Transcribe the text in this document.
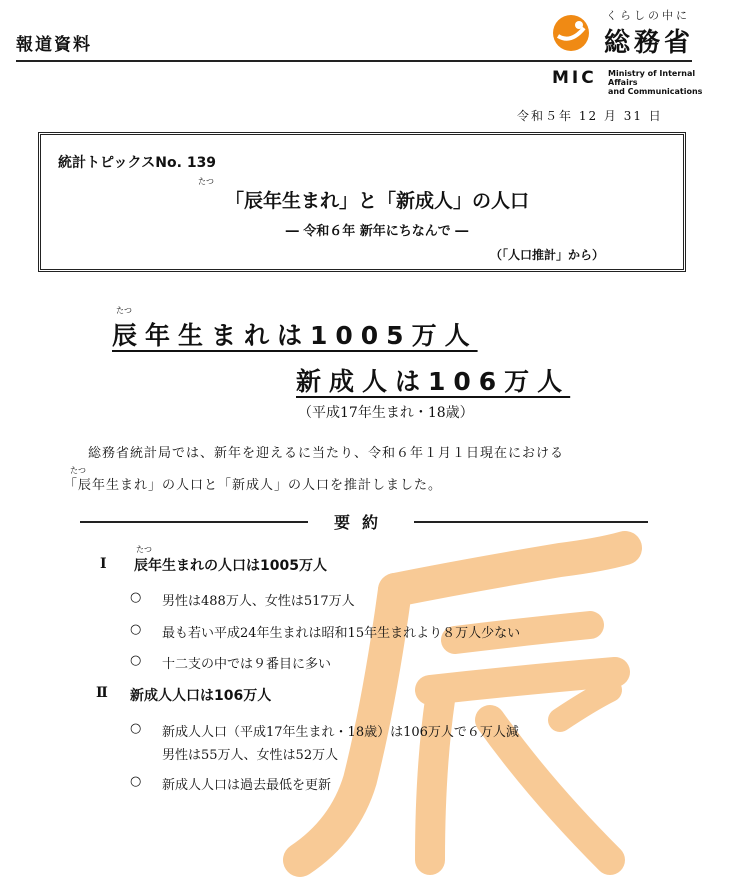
報道資料
くらしの中に
総務省
MIC Ministry of Internal Affairs
and Communications
令和５年 12 月 31 日
統計トピックスNo. 139
たつ
「辰年生まれ」と「新成人」の人口
― 令和６年 新年にちなんで ―
（「人口推計」から）
たつ
辰年生まれは1005万人
新成人は106万人
（平成17年生まれ・18歳）
総務省統計局では、新年を迎えるに当たり、令和６年１月１日現在における
たつ
「辰年生まれ」の人口と「新成人」の人口を推計しました。
要約
Ⅰ
たつ
辰年生まれの人口は1005万人
○ 男性は488万人、女性は517万人
○ 最も若い平成24年生まれは昭和15年生まれより８万人少ない
○ 十二支の中では９番目に多い
Ⅱ 新成人人口は106万人
○ 新成人人口（平成17年生まれ・18歳）は106万人で６万人減
男性は55万人、女性は52万人
○ 新成人人口は過去最低を更新
